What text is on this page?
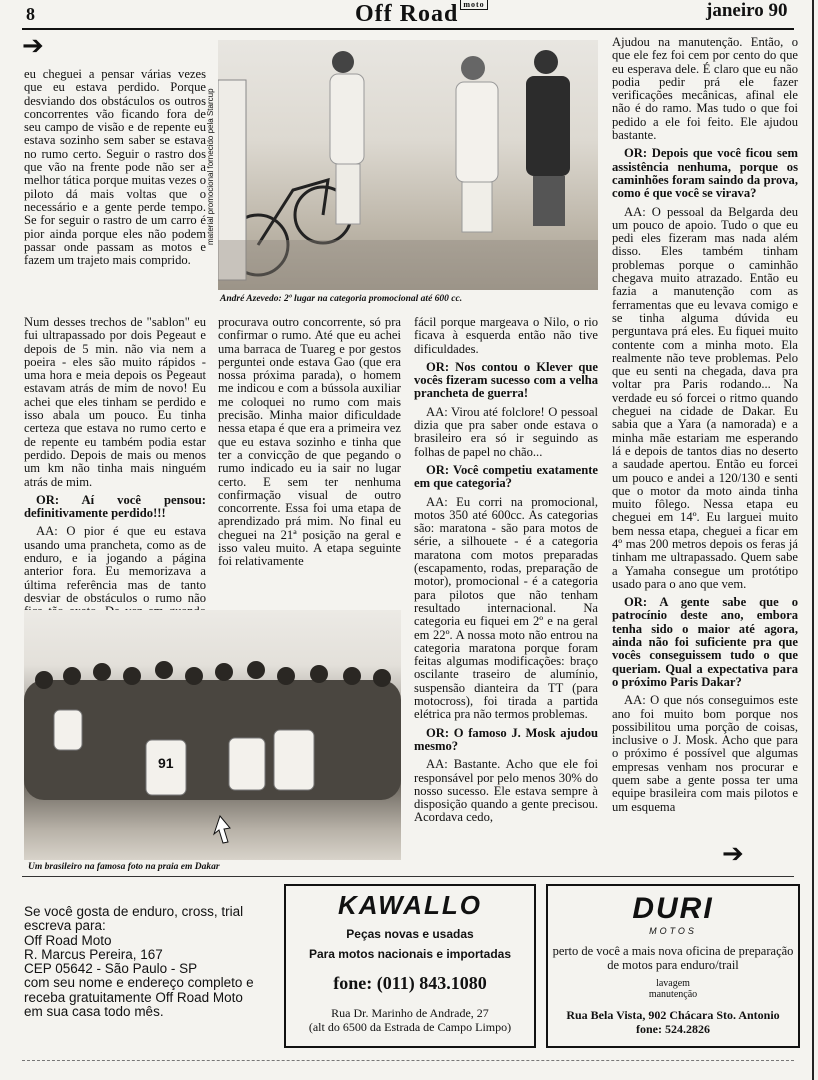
8	Off Road $^{moto}$	janeiro 90
➔
material promocional fornecido pela Starcup
André Azevedo: 2º lugar na categoria promocional até 600 cc.

eu cheguei a pensar várias vezes que eu estava perdido. Porque desviando dos obstáculos os outros concorrentes vão ficando fora de seu campo de visão e de repente eu estava sozinho sem saber se estava no rumo certo. Seguir o rastro dos que vão na frente pode não ser a melhor tática porque muitas vezes o piloto dá mais voltas que o necessário e a gente perde tempo. Se for seguir o rastro de um carro é pior ainda porque eles não podem passar onde passam as motos e fazem um trajeto mais comprido.

Num desses trechos de "sablon" eu fui ultrapassado por dois Pegeaut e depois de 5 min. não via nem a poeira - eles são muito rápidos - uma hora e meia depois os Pegeaut estavam atrás de mim de novo! Eu achei que eles tinham se perdido e isso abala um pouco. Eu tinha certeza que estava no rumo certo e de repente eu também podia estar perdido. Depois de mais ou menos um km não tinha mais ninguém atrás de mim.

OR: Aí você pensou: definitivamente perdido!!!

AA: O pior é que eu estava usando uma prancheta, como as de enduro, e ia jogando a página anterior fora. Eu memorizava a última referência mas de tanto desviar de obstáculos o rumo não

procurava outro concorrente, só pra confirmar o rumo. Até que eu achei uma barraca de Tuareg e por gestos perguntei onde estava Gao (que era nossa próxima parada), o homem me indicou e com a bússola auxiliar me coloquei no rumo com mais precisão. Minha maior dificuldade nessa etapa é que era a primeira vez que eu estava sozinho e tinha que ter a convicção de que pegando o rumo indicado eu ia sair no lugar certo. E sem ter nenhuma confirmação visual de outro concorrente. Essa foi uma etapa de aprendizado prá mim. No final eu cheguei na 21ª posição na geral e isso valeu muito. A etapa seguinte foi relativamente

fácil porque margeava o Nilo, o rio ficava à esquerda então não tive dificuldades.

OR: Nos contou o Klever que vocês fizeram sucesso com a velha prancheta de guerra!

AA: Virou até folclore! O pessoal dizia que pra saber onde estava o brasileiro era só ir seguindo as folhas de papel no chão...

OR: Você competiu exatamente em que categoria?

AA: Eu corri na promocional, motos 350 até 600cc. As categorias são: maratona - são para motos de série, a silhouete - é a categoria maratona com motos preparadas (escapamento, rodas, preparação de motor), promocional - é a categoria para pilotos que não tenham resultado internacional. Na categoria eu fiquei em 2º e na geral em 22º. A nossa moto não entrou na categoria maratona porque foram feitas algumas modificações: braço oscilante traseiro de alumínio, suspensão dianteira da TT (para motocross), foi tirada a partida elétrica pra não termos problemas.

OR: O famoso J. Mosk ajudou mesmo?

AA: Bastante. Acho que ele foi responsável por pelo menos 30% do nosso sucesso. Ele estava sempre à disposição quando a gente precisou. Acordava cedo,

Ajudou na manutenção. Então, o que ele fez foi cem por cento do que eu esperava dele. É claro que eu não podia pedir prá ele fazer verificações mecânicas, afinal ele não é do ramo. Mas tudo o que foi pedido a ele foi feito. Ele ajudou bastante.

OR: Depois que você ficou sem assistência nenhuma, porque os caminhões foram saindo da prova, como é que você se virava?

AA: O pessoal da Belgarda deu um pouco de apoio. Tudo o que eu pedi eles fizeram mas nada além disso. Eles também tinham problemas porque o caminhão chegava muito atrazado. Então eu fazia a manutenção com as ferramentas que eu levava comigo e se tinha alguma dúvida eu perguntava prá eles. Eu fiquei muito contente com a minha moto. Ela realmente não teve problemas. Pelo que eu senti na chegada, dava pra voltar pra Paris rodando... Na verdade eu só forcei o ritmo quando cheguei na cidade de Dakar. Eu sabia que a Yara (a namorada) e a minha mãe estariam me esperando lá e depois de tantos dias no deserto a saudade apertou. Então eu forcei um pouco e andei a 120/130 e senti que o motor da moto ainda tinha muito fôlego. Nessa etapa eu cheguei em 14º. Eu larguei muito bem nessa etapa, cheguei a ficar em 4º mas 200 metros depois os feras já tinham me ultrapassado. Quem sabe a Yamaha consegue um protótipo usado para o ano que vem.

OR: A gente sabe que o patrocínio deste ano, embora tenha sido o maior até agora, ainda não foi suficiente pra que vocês conseguissem tudo o que queriam. Qual a expectativa para o próximo Paris Dakar?

AA: O que nós conseguimos este ano foi muito bom porque nos possibilitou uma porção de coisas, inclusive o J. Mosk. Acho que para o próximo é possível que algumas empresas venham nos procurar e quem sabe a gente possa ter uma equipe brasileira com mais pilotos e um esquema

91
Um brasileiro na famosa foto na praia em Dakar	➔
Se você gosta de enduro, cross, trial
escreva para:
Off Road Moto
R. Marcus Pereira, 167
CEP 05642 - São Paulo - SP
com seu nome e endereço completo e
receba gratuitamente Off Road Moto
em sua casa todo mês.
KAWALLO
Peças novas e usadas
Para motos nacionais e importadas
fone: (011) 843.1080
Rua Dr. Marinho de Andrade, 27
(alt do 6500 da Estrada de Campo Limpo)
DURI
MOTOS
perto de você a mais nova oficina de preparação de motos para enduro/trail
lavagem
manutenção
Rua Bela Vista, 902 Chácara Sto. Antonio
fone: 524.2826
